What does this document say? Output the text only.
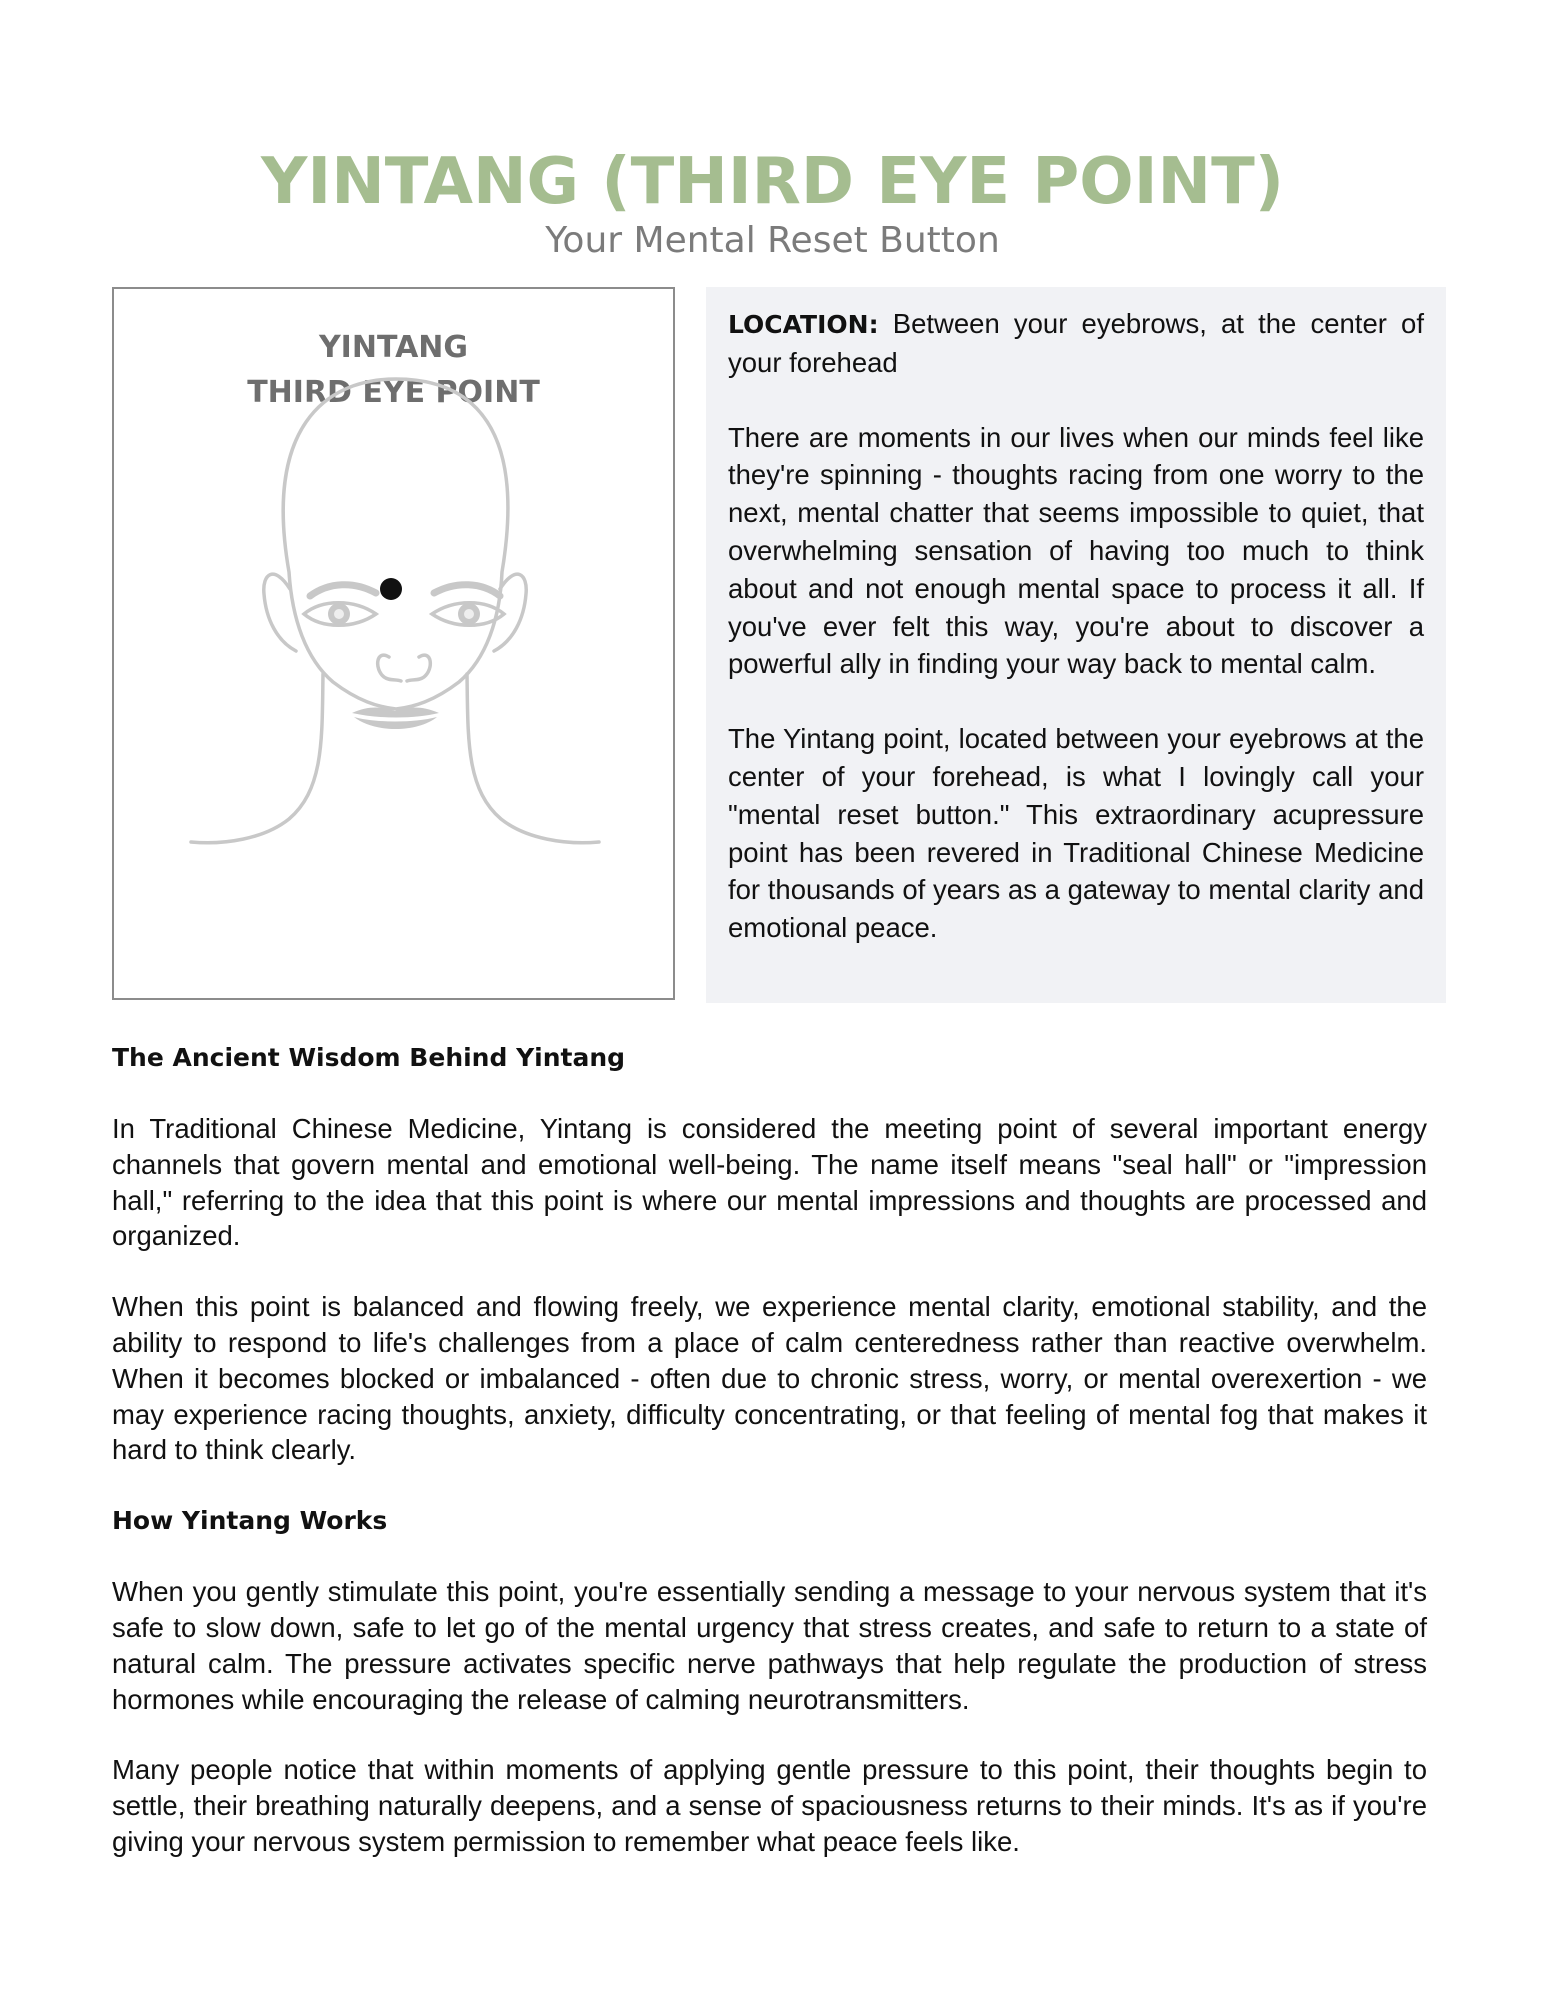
YINTANG (THIRD EYE POINT)
Your Mental Reset Button
YINTANG
THIRD EYE POINT

LOCATION: Between your eyebrows, at the center of your forehead

There are moments in our lives when our minds feel like they're spinning - thoughts racing from one worry to the next, mental chatter that seems impossible to quiet, that overwhelming sensation of having too much to think about and not enough mental space to process it all. If you've ever felt this way, you're about to discover a powerful ally in finding your way back to mental calm.

The Yintang point, located between your eyebrows at the center of your forehead, is what I lovingly call your "mental reset button." This extraordinary acupressure point has been revered in Traditional Chinese Medicine for thousands of years as a gateway to mental clarity and emotional peace.

The Ancient Wisdom Behind Yintang

In Traditional Chinese Medicine, Yintang is considered the meeting point of several important energy channels that govern mental and emotional well-being. The name itself means "seal hall" or "impression hall," referring to the idea that this point is where our mental impressions and thoughts are processed and organized.

When this point is balanced and flowing freely, we experience mental clarity, emotional stability, and the ability to respond to life's challenges from a place of calm centeredness rather than reactive overwhelm. When it becomes blocked or imbalanced - often due to chronic stress, worry, or mental overexertion - we may experience racing thoughts, anxiety, difficulty concentrating, or that feeling of mental fog that makes it hard to think clearly.

How Yintang Works

When you gently stimulate this point, you're essentially sending a message to your nervous system that it's safe to slow down, safe to let go of the mental urgency that stress creates, and safe to return to a state of natural calm. The pressure activates specific nerve pathways that help regulate the production of stress hormones while encouraging the release of calming neurotransmitters.

Many people notice that within moments of applying gentle pressure to this point, their thoughts begin to settle, their breathing naturally deepens, and a sense of spaciousness returns to their minds. It's as if you're giving your nervous system permission to remember what peace feels like.
